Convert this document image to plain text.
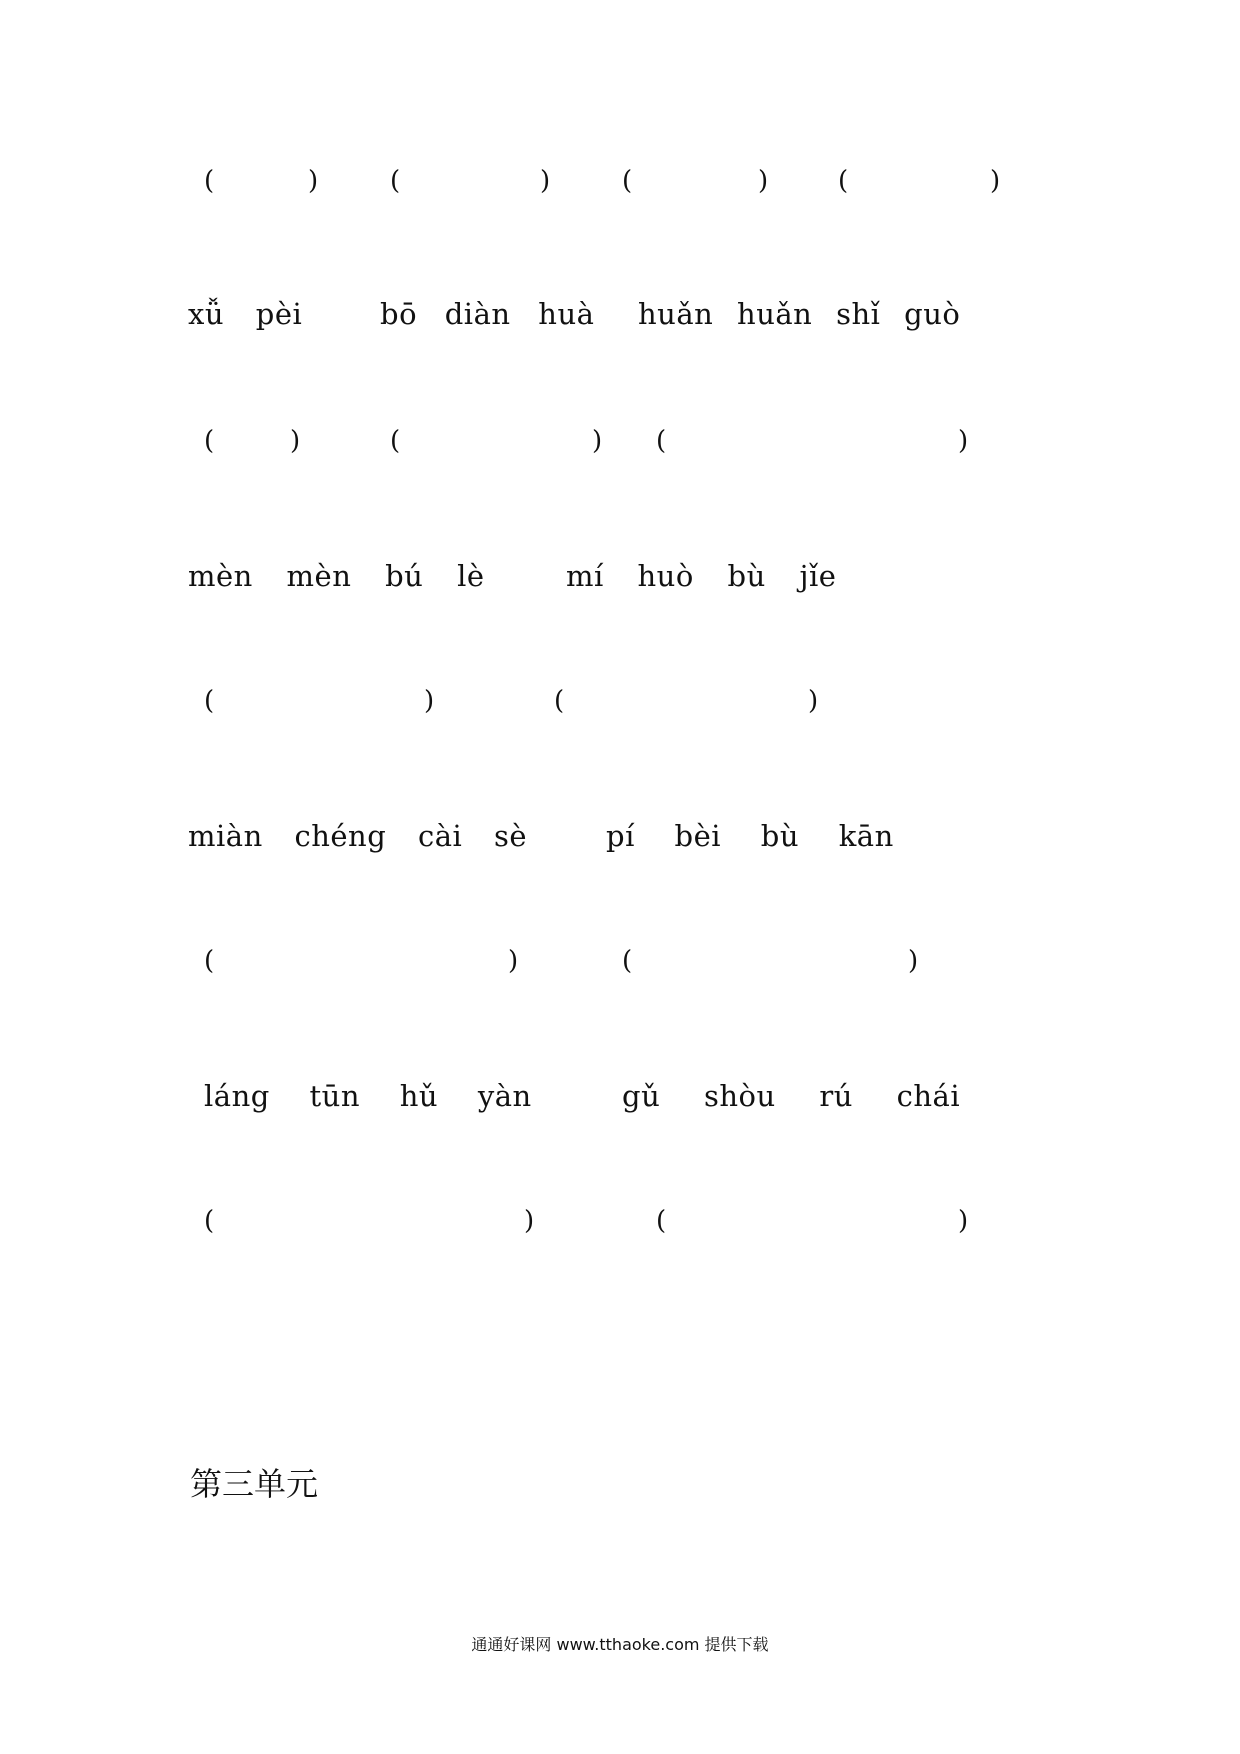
(	)	(	)	(	)	(	)
xǚ pèi	bō diàn huà huǎn huǎn shǐ guò
(	)	(	) (	)
mèn mèn bú lè	mí huò bù jǐe
(	)	(	)
miàn chéng cài sè	pí bèi bù kān
(	)	(	)
láng tūn hǔ yàn	gǔ shòu rú chái
(	)	(	)
第三单元
通通好课网 www.tthaoke.com 提供下载
